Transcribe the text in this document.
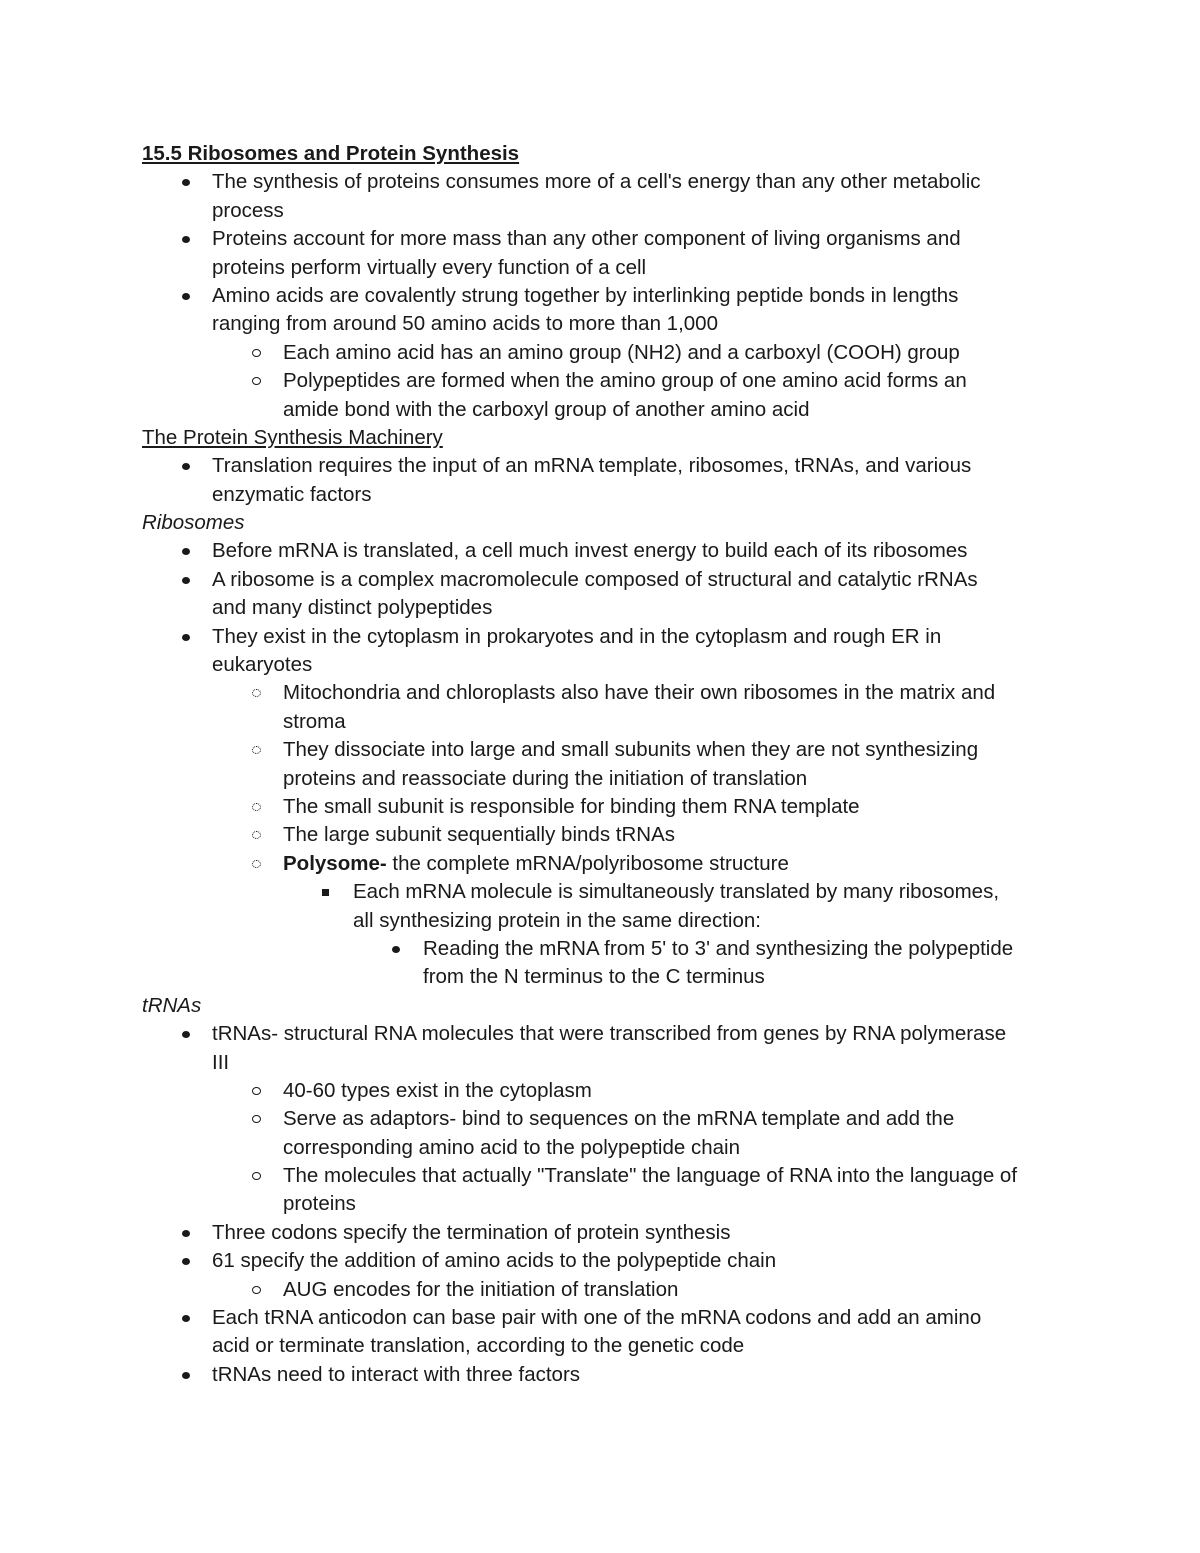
15.5 Ribosomes and Protein Synthesis
The synthesis of proteins consumes more of a cell's energy than any other metabolic
process
Proteins account for more mass than any other component of living organisms and
proteins perform virtually every function of a cell
Amino acids are covalently strung together by interlinking peptide bonds in lengths
ranging from around 50 amino acids to more than 1,000
Each amino acid has an amino group (NH2) and a carboxyl (COOH) group
Polypeptides are formed when the amino group of one amino acid forms an
amide bond with the carboxyl group of another amino acid
The Protein Synthesis Machinery
Translation requires the input of an mRNA template, ribosomes, tRNAs, and various
enzymatic factors
Ribosomes
Before mRNA is translated, a cell much invest energy to build each of its ribosomes
A ribosome is a complex macromolecule composed of structural and catalytic rRNAs
and many distinct polypeptides
They exist in the cytoplasm in prokaryotes and in the cytoplasm and rough ER in
eukaryotes
Mitochondria and chloroplasts also have their own ribosomes in the matrix and
stroma
They dissociate into large and small subunits when they are not synthesizing
proteins and reassociate during the initiation of translation
The small subunit is responsible for binding them RNA template
The large subunit sequentially binds tRNAs
Polysome- the complete mRNA/polyribosome structure
Each mRNA molecule is simultaneously translated by many ribosomes,
all synthesizing protein in the same direction:
Reading the mRNA from 5' to 3' and synthesizing the polypeptide
from the N terminus to the C terminus
tRNAs
tRNAs- structural RNA molecules that were transcribed from genes by RNA polymerase
III
40-60 types exist in the cytoplasm
Serve as adaptors- bind to sequences on the mRNA template and add the
corresponding amino acid to the polypeptide chain
The molecules that actually "Translate" the language of RNA into the language of
proteins
Three codons specify the termination of protein synthesis
61 specify the addition of amino acids to the polypeptide chain
AUG encodes for the initiation of translation
Each tRNA anticodon can base pair with one of the mRNA codons and add an amino
acid or terminate translation, according to the genetic code
tRNAs need to interact with three factors
